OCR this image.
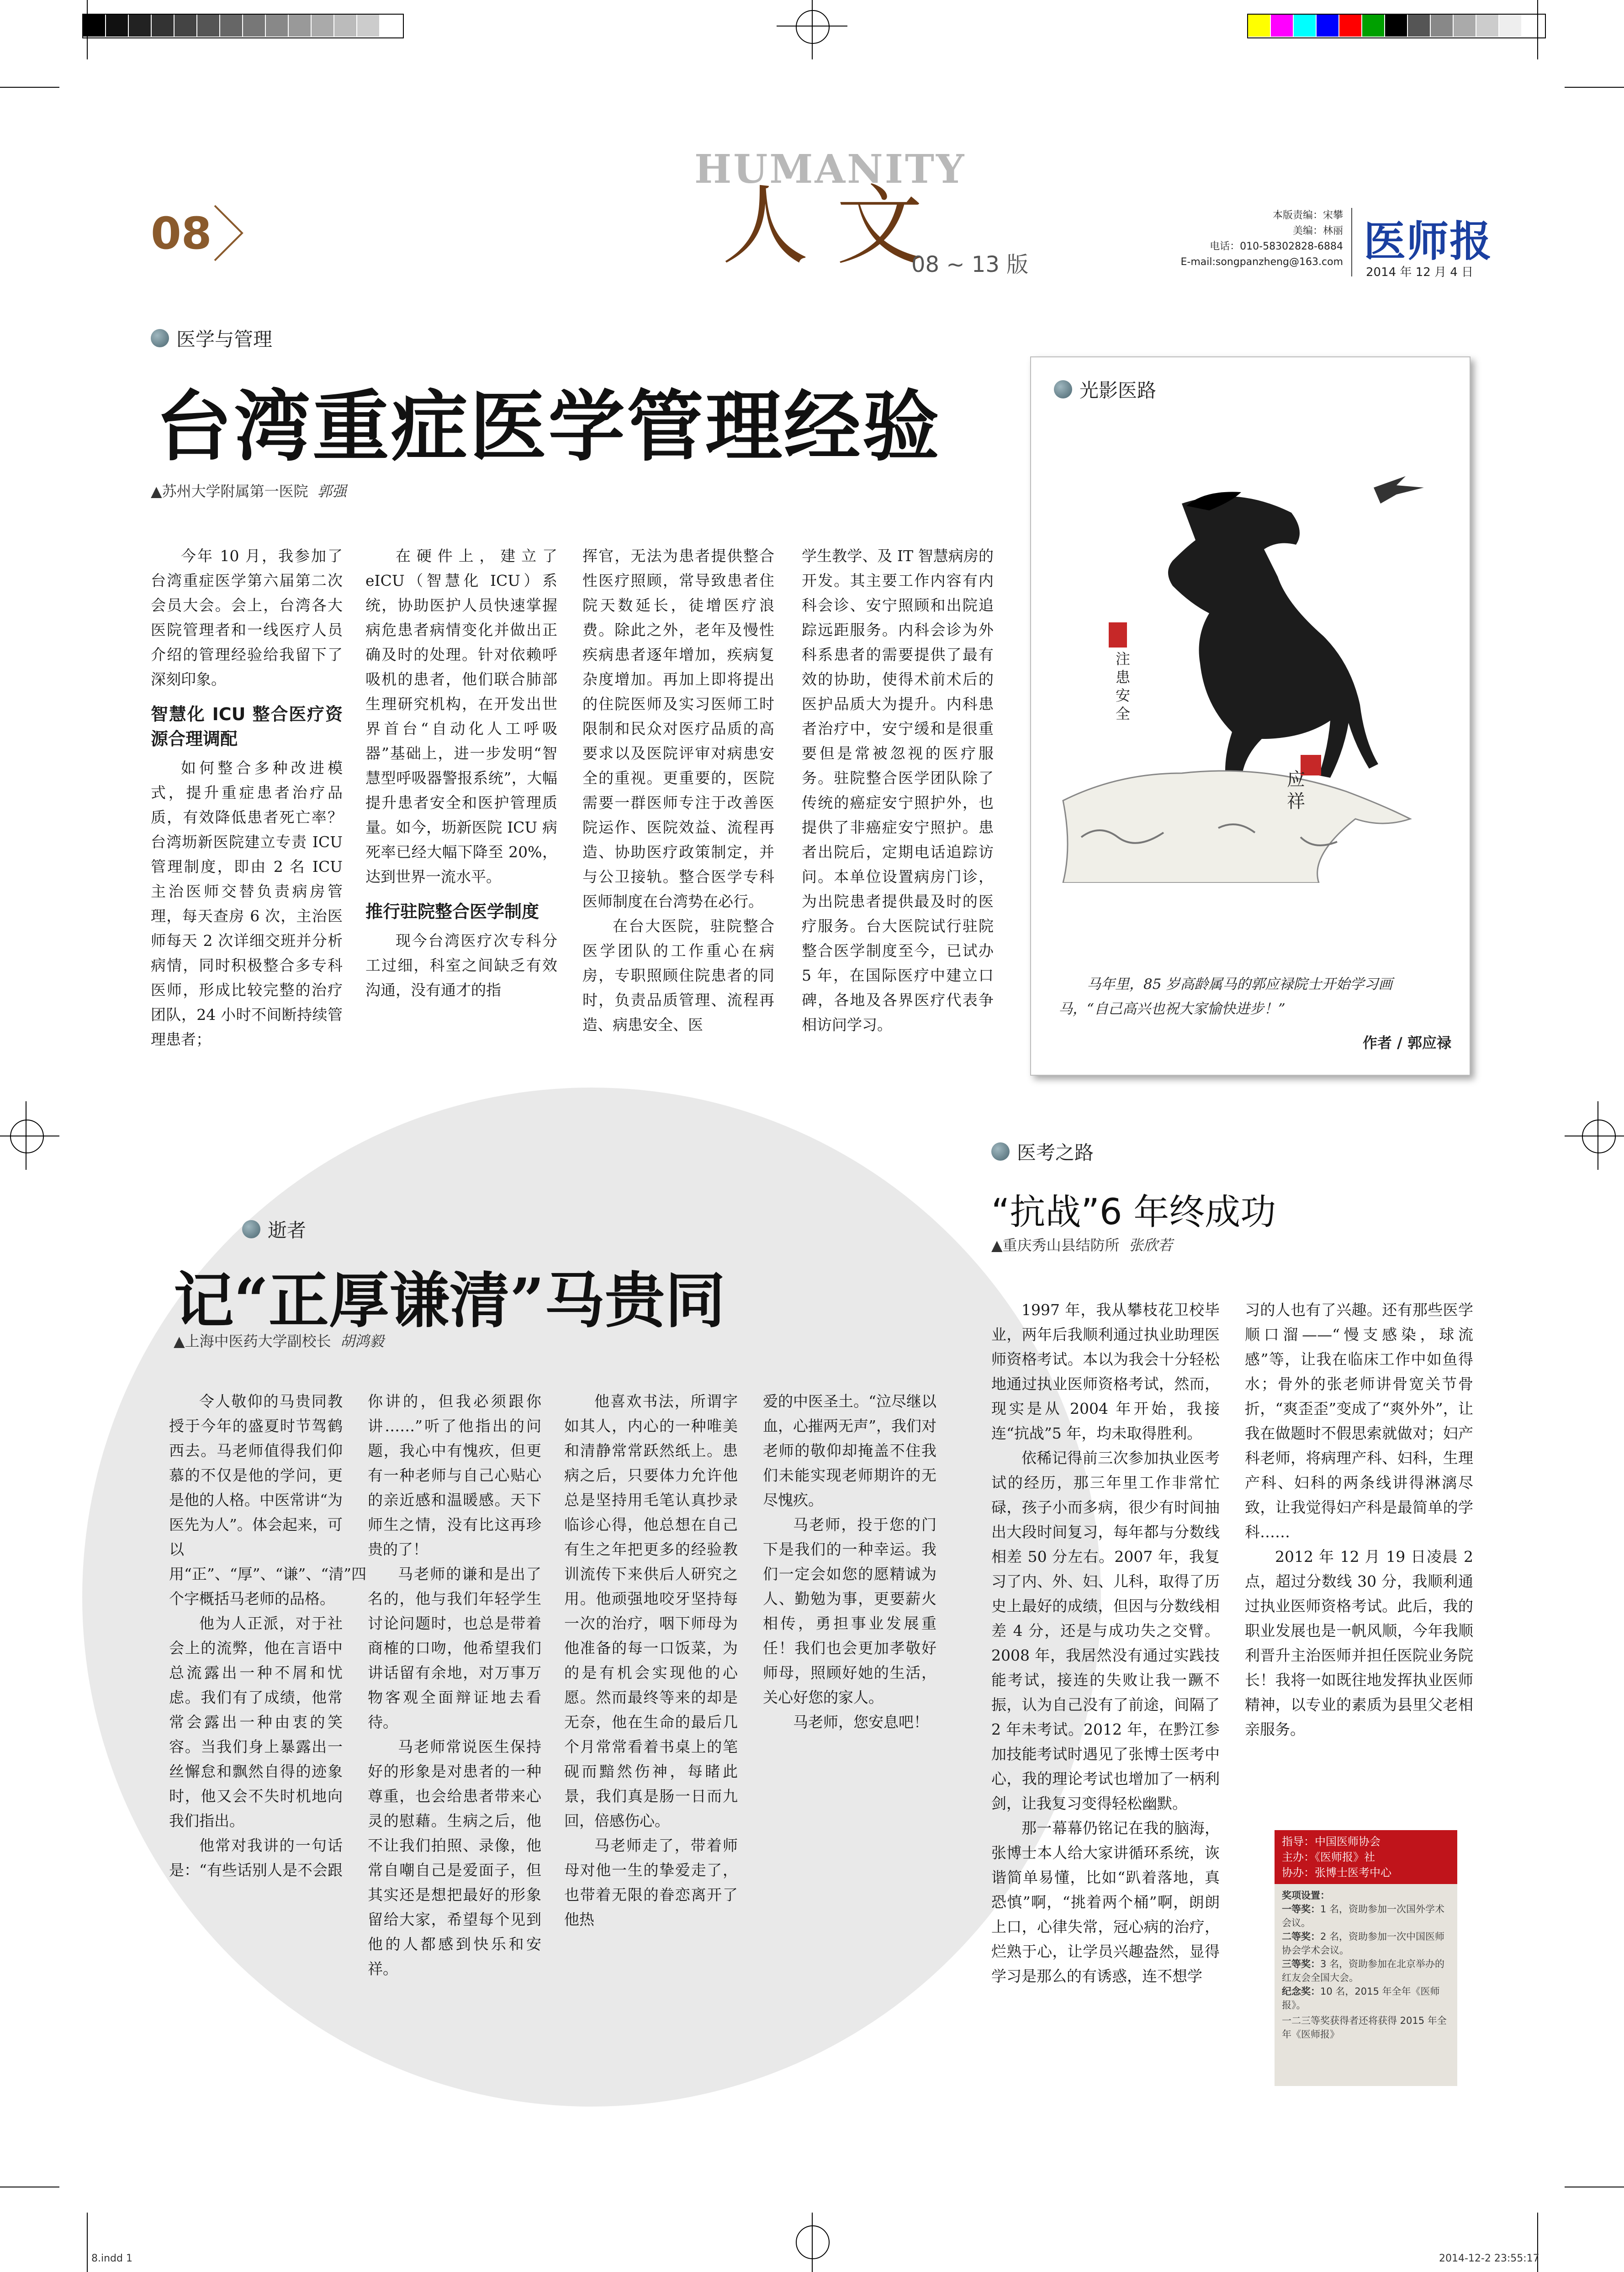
8.indd 1	2014-12-2 23:55:17
08
HUMANITY
人 文
08 ~ 13 版
本版责编：宋攀
美编：林丽
电话：010-58302828-6884
E-mail:songpanzheng@163.com 医师报
2014 年 12 月 4 日
医学与管理
台湾重症医学管理经验
▲苏州大学附属第一医院 郭强

今年 10 月，我参加了台湾重症医学第六届第二次会员大会。会上，台湾各大医院管理者和一线医疗人员介绍的管理经验给我留下了深刻印象。

智慧化 ICU 整合医疗资源合理调配

如何整合多种改进模式，提升重症患者治疗品质，有效降低患者死亡率？台湾坜新医院建立专责 ICU 管理制度，即由 2 名 ICU 主治医师交替负责病房管理，每天查房 6 次，主治医师每天 2 次详细交班并分析病情，同时积极整合多专科医师，形成比较完整的治疗团队，24 小时不间断持续管理患者；

在硬件上，建立了 eICU（智慧化 ICU）系统，协助医护人员快速掌握病危患者病情变化并做出正确及时的处理。针对依赖呼吸机的患者，他们联合肺部生理研究机构，在开发出世界首台“自动化人工呼吸器”基础上，进一步发明“智慧型呼吸器警报系统”，大幅提升患者安全和医护管理质量。如今，坜新医院 ICU 病死率已经大幅下降至 20%，达到世界一流水平。

推行驻院整合医学制度

现今台湾医疗次专科分工过细，科室之间缺乏有效沟通，没有通才的指

挥官，无法为患者提供整合性医疗照顾，常导致患者住院天数延长，徒增医疗浪费。除此之外，老年及慢性疾病患者逐年增加，疾病复杂度增加。再加上即将提出的住院医师及实习医师工时限制和民众对医疗品质的高要求以及医院评审对病患安全的重视。更重要的，医院需要一群医师专注于改善医院运作、医院效益、流程再造、协助医疗政策制定，并与公卫接轨。整合医学专科医师制度在台湾势在必行。

在台大医院，驻院整合医学团队的工作重心在病房，专职照顾住院患者的同时，负责品质管理、流程再造、病患安全、医

学生教学、及 IT 智慧病房的开发。其主要工作内容有内科会诊、安宁照顾和出院追踪远距服务。内科会诊为外科系患者的需要提供了最有效的协助，使得术前术后的医护品质大为提升。内科患者治疗中，安宁缓和是很重要但是常被忽视的医疗服务。驻院整合医学团队除了传统的癌症安宁照护外，也提供了非癌症安宁照护。患者出院后，定期电话追踪访问。本单位设置病房门诊，为出院患者提供最及时的医疗服务。台大医院试行驻院整合医学制度至今，已试办 5 年，在国际医疗中建立口碑，各地及各界医疗代表争相访问学习。

光影医路
注患安全
应祥
马年里，85 岁高龄属马的郭应禄院士开始学习画马，“自己高兴也祝大家愉快进步！”
作者 / 郭应禄
逝者
记“正厚谦清”马贵同
▲上海中医药大学副校长 胡鸿毅

令人敬仰的马贵同教授于今年的盛夏时节驾鹤西去。马老师值得我们仰慕的不仅是他的学问，更是他的人格。中医常讲“为医先为人”。体会起来，可以用“正”、“厚”、“谦”、“清”四个字概括马老师的品格。

他为人正派，对于社会上的流弊，他在言语中总流露出一种不屑和忧虑。我们有了成绩，他常常会露出一种由衷的笑容。当我们身上暴露出一丝懈怠和飘然自得的迹象时，他又会不失时机地向我们指出。

他常对我讲的一句话是：“有些话别人是不会跟

你讲的，但我必须跟你讲……”听了他指出的问题，我心中有愧疚，但更有一种老师与自己心贴心的亲近感和温暖感。天下师生之情，没有比这再珍贵的了！

马老师的谦和是出了名的，他与我们年轻学生讨论问题时，也总是带着商榷的口吻，他希望我们讲话留有余地，对万事万物客观全面辩证地去看待。

马老师常说医生保持好的形象是对患者的一种尊重，也会给患者带来心灵的慰藉。生病之后，他不让我们拍照、录像，他常自嘲自己是爱面子，但其实还是想把最好的形象留给大家，希望每个见到他的人都感到快乐和安祥。

他喜欢书法，所谓字如其人，内心的一种唯美和清静常常跃然纸上。患病之后，只要体力允许他总是坚持用毛笔认真抄录临诊心得，他总想在自己有生之年把更多的经验教训流传下来供后人研究之用。他顽强地咬牙坚持每一次的治疗，咽下师母为他准备的每一口饭菜，为的是有机会实现他的心愿。然而最终等来的却是无奈，他在生命的最后几个月常常看着书桌上的笔砚而黯然伤神，每睹此景，我们真是肠一日而九回，倍感伤心。

马老师走了，带着师母对他一生的挚爱走了，也带着无限的眷恋离开了他热

爱的中医圣土。“泣尽继以血，心摧两无声”，我们对老师的敬仰却掩盖不住我们未能实现老师期许的无尽愧疚。

马老师，投于您的门下是我们的一种幸运。我们一定会如您的愿精诚为人、勤勉为事，更要薪火相传，勇担事业发展重任！我们也会更加孝敬好师母，照顾好她的生活，关心好您的家人。

马老师，您安息吧！

医考之路
“抗战”6 年终成功
▲重庆秀山县结防所 张欣若

1997 年，我从攀枝花卫校毕业，两年后我顺利通过执业助理医师资格考试。本以为我会十分轻松地通过执业医师资格考试，然而，现实是从 2004 年开始，我接连“抗战”5 年，均未取得胜利。

依稀记得前三次参加执业医考试的经历，那三年里工作非常忙碌，孩子小而多病，很少有时间抽出大段时间复习，每年都与分数线相差 50 分左右。2007 年，我复习了内、外、妇、儿科，取得了历史上最好的成绩，但因与分数线相差 4 分，还是与成功失之交臂。2008 年，我居然没有通过实践技能考试，接连的失败让我一蹶不振，认为自己没有了前途，间隔了 2 年未考试。2012 年，在黔江参加技能考试时遇见了张博士医考中心，我的理论考试也增加了一柄利剑，让我复习变得轻松幽默。

那一幕幕仍铭记在我的脑海，张博士本人给大家讲循环系统，诙谐简单易懂，比如“趴着落地，真恐慎”啊，“挑着两个桶”啊，朗朗上口，心律失常，冠心病的治疗，烂熟于心，让学员兴趣盎然，显得学习是那么的有诱惑，连不想学

习的人也有了兴趣。还有那些医学顺口溜——“慢支感染，球流感”等，让我在临床工作中如鱼得水；骨外的张老师讲骨宽关节骨折，“爽歪歪”变成了“爽外外”，让我在做题时不假思索就做对；妇产科老师，将病理产科、妇科，生理产科、妇科的两条线讲得淋漓尽致，让我觉得妇产科是最简单的学科……

2012 年 12 月 19 日凌晨 2 点，超过分数线 30 分，我顺利通过执业医师资格考试。此后，我的职业发展也是一帆风顺，今年我顺利晋升主治医师并担任医院业务院长！我将一如既往地发挥执业医师精神，以专业的素质为县里父老相亲服务。

指导：中国医师协会
主办：《医师报》社
协办：张博士医考中心
奖项设置：
一等奖：1 名，资助参加一次国外学术会议。
二等奖：2 名，资助参加一次中国医师协会学术会议。
三等奖：3 名，资助参加在北京举办的红友会全国大会。
纪念奖：10 名，2015 年全年《医师报》。
一二三等奖获得者还将获得 2015 年全年《医师报》
